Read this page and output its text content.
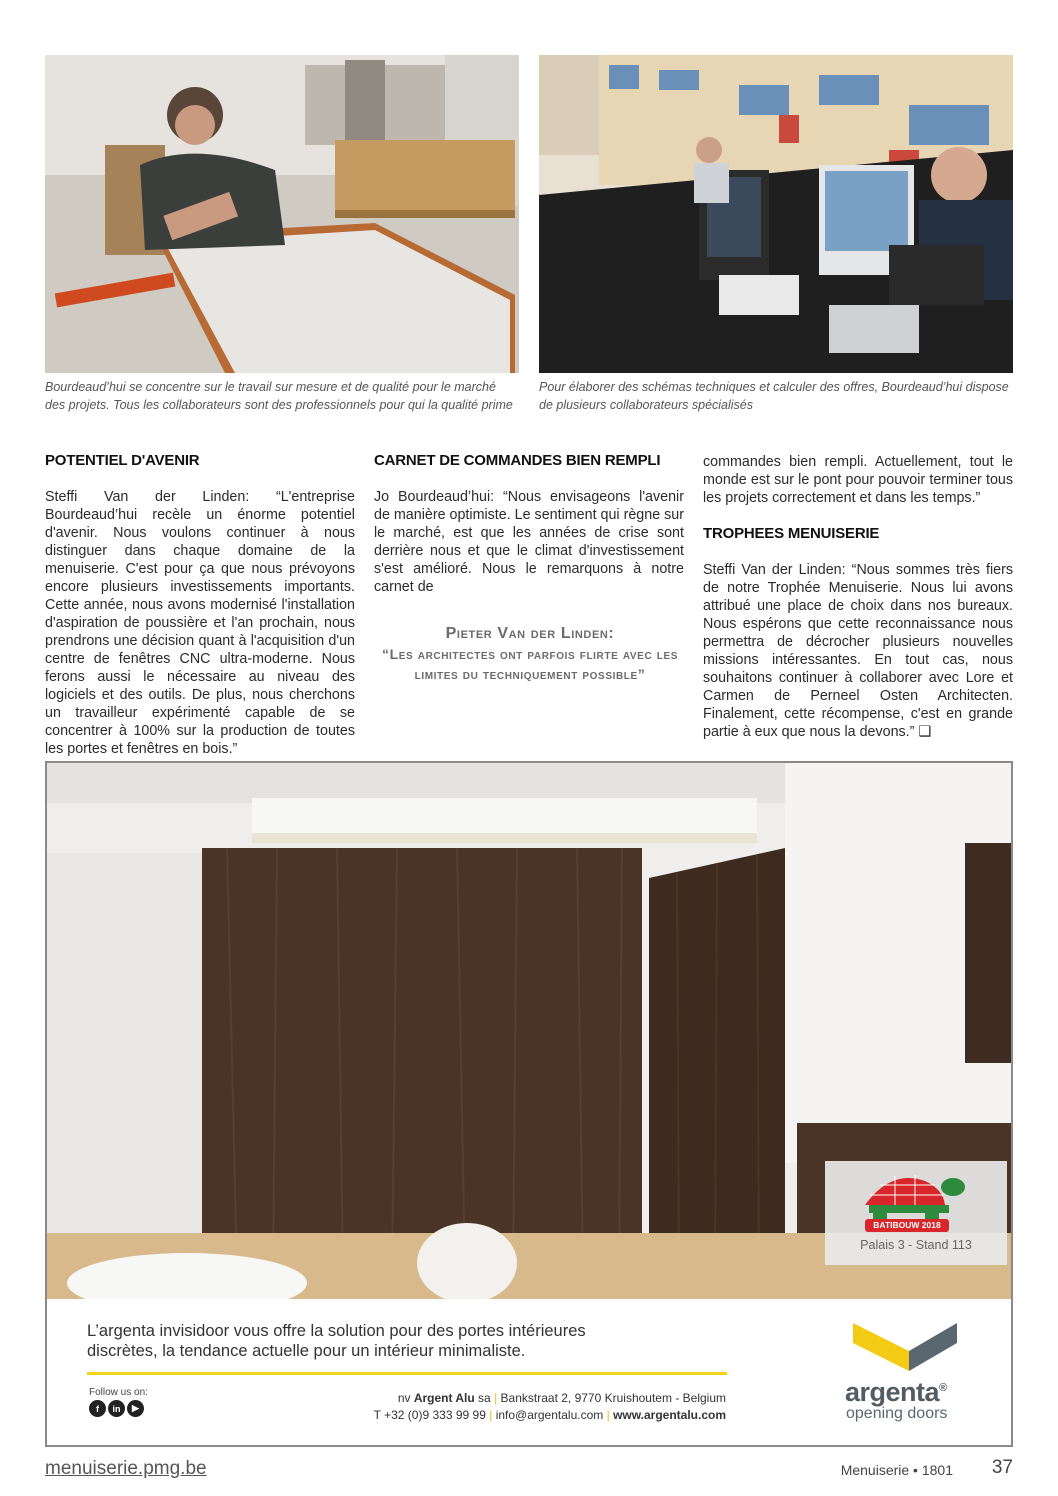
Bourdeaud’hui se concentre sur le travail sur mesure et de qualité pour le marché des projets. Tous les collaborateurs sont des professionnels pour qui la qualité prime
Pour élaborer des schémas techniques et calculer des offres, Bourdeaud’hui dispose de plusieurs collaborateurs spécialisés
POTENTIEL D'AVENIR

Steffi Van der Linden: “L'entreprise Bourdeaud’hui recèle un énorme potentiel d'avenir. Nous voulons continuer à nous distinguer dans chaque domaine de la menuiserie. C'est pour ça que nous prévoyons encore plusieurs investissements importants. Cette année, nous avons modernisé l'installation d'aspiration de poussière et l'an prochain, nous prendrons une décision quant à l'acquisition d'un centre de fenêtres CNC ultra-moderne. Nous ferons aussi le nécessaire au niveau des logiciels et des outils. De plus, nous cherchons un travailleur expérimenté capable de se concentrer à 100% sur la production de toutes les portes et fenêtres en bois.”

CARNET DE COMMANDES BIEN REMPLI

Jo Bourdeaud’hui: “Nous envisageons l'avenir de manière optimiste. Le sentiment qui règne sur le marché, est que les années de crise sont derrière nous et que le climat d'investissement s'est amélioré. Nous le remarquons à notre carnet de

Pieter Van der Linden:
“Les architectes ont parfois flirte avec les limites du techniquement possible”

commandes bien rempli. Actuellement, tout le monde est sur le pont pour pouvoir terminer tous les projets correctement et dans les temps.”

TROPHEES MENUISERIE

Steffi Van der Linden: “Nous sommes très fiers de notre Trophée Menuiserie. Nous lui avons attribué une place de choix dans nos bureaux. Nous espérons que cette reconnaissance nous permettra de décrocher plusieurs nouvelles missions intéressantes. En tout cas, nous souhaitons continuer à collaborer avec Lore et Carmen de Perneel Osten Architecten. Finalement, cette récompense, c'est en grande partie à eux que nous la devons.” ❑

BATIBOUW 2018
Palais 3 - Stand 113
L’argenta invisidoor vous offre la solution pour des portes intérieures
discrètes, la tendance actuelle pour un intérieur minimaliste.
Follow us on:
f	in	▶
nv Argent Alu sa | Bankstraat 2, 9770 Kruishoutem - Belgium
T +32 (0)9 333 99 99 | info@argentalu.com | www.argentalu.com
argenta®
opening doors
menuiserie.pmg.be	Menuiserie • 1801 37
